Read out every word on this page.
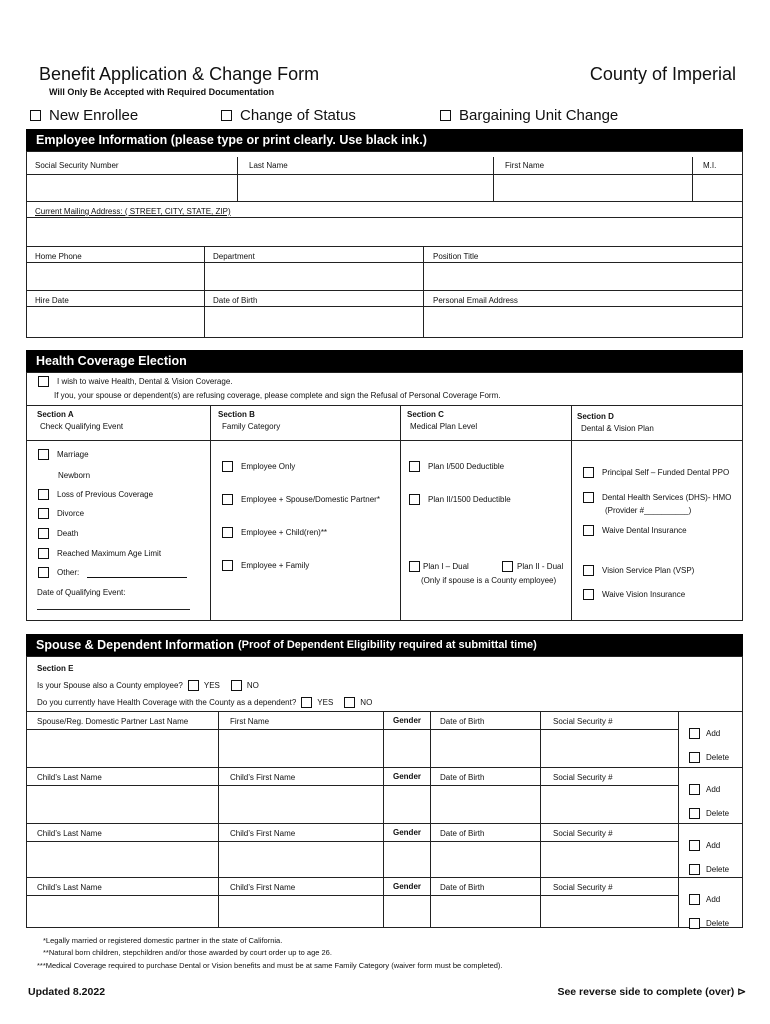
Benefit Application & Change Form	County of Imperial
Will Only Be Accepted with Required Documentation
New Enrollee	Change of Status	Bargaining Unit Change
Employee Information (please type or print clearly. Use black ink.)
Social Security Number	Last Name	First Name	M.I.
Current Mailing Address: ( STREET, CITY, STATE, ZIP)
Home Phone	Department	Position Title
Hire Date	Date of Birth	Personal Email Address
Health Coverage Election
I wish to waive Health, Dental & Vision Coverage.
If you, your spouse or dependent(s) are refusing coverage, please complete and sign the Refusal of Personal Coverage Form.
Section A
Check Qualifying Event
Section B
Family Category
Section C
Medical Plan Level
Section D
Dental & Vision Plan
Marriage
Newborn
Loss of Previous Coverage
Divorce
Death
Reached Maximum Age Limit
Other:
Date of Qualifying Event:
Employee Only
Employee + Spouse/Domestic Partner*
Employee + Child(ren)**
Employee + Family
Plan I/500 Deductible
Plan II/1500 Deductible
Plan I – Dual	Plan II - Dual
(Only if spouse is a County employee)
Principal Self – Funded Dental PPO
Dental Health Services (DHS)- HMO
(Provider #__________)
Waive Dental Insurance
Vision Service Plan (VSP)
Waive Vision Insurance
Spouse & Dependent Information (Proof of Dependent Eligibility required at submittal time)
Section E
Is your Spouse also a County employee?	YES	NO
Do you currently have Health Coverage with the County as a dependent?	YES	NO
Spouse/Reg. Domestic Partner Last Name	First Name	Gender Date of Birth	Social Security #
Add
Delete
Child’s Last Name	Child’s First Name	Gender Date of Birth	Social Security #
Add
Delete
Child’s Last Name	Child’s First Name	Gender Date of Birth	Social Security #
Add
Delete
Child’s Last Name	Child’s First Name	Gender Date of Birth	Social Security #
Add
Delete
*Legally married or registered domestic partner in the state of California.
**Natural born children, stepchildren and/or those awarded by court order up to age 26.
***Medical Coverage required to purchase Dental or Vision benefits and must be at same Family Category (waiver form must be completed).
Updated 8.2022	See reverse side to complete (over) ⊳
